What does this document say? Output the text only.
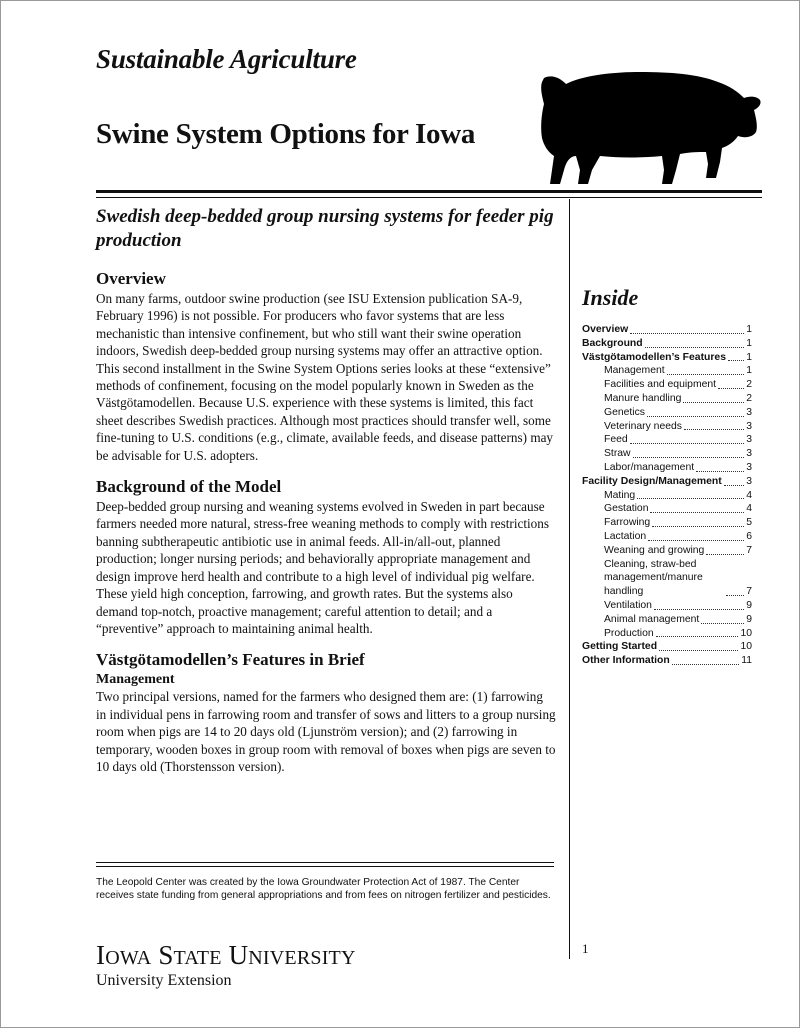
Sustainable Agriculture
Swine System Options for Iowa
Swedish deep-bedded group nursing systems for feeder pig production
Overview

On many farms, outdoor swine production (see ISU Extension publication SA-9, February 1996) is not possible. For producers who favor systems that are less mechanistic than intensive confinement, but who still want their swine operation indoors, Swedish deep-bedded group nursing systems may offer an attractive option. This second installment in the Swine System Options series looks at these “extensive” methods of confinement, focusing on the model popularly known in Sweden as the Västgötamodellen. Because U.S. experience with these systems is limited, this fact sheet describes Swedish practices. Although most practices should transfer well, some fine-tuning to U.S. conditions (e.g., climate, available feeds, and disease patterns) may be advisable for U.S. adopters.

Background of the Model

Deep-bedded group nursing and weaning systems evolved in Sweden in part because farmers needed more natural, stress-free weaning methods to comply with restrictions banning subtherapeutic antibiotic use in animal feeds. All-in/all-out, planned production; longer nursing periods; and behaviorally appropriate management and design improve herd health and contribute to a high level of individual pig welfare. These yield high conception, farrowing, and growth rates. But the systems also demand top-notch, proactive management; careful attention to detail; and a “preventive” approach to maintaining animal health.

Västgötamodellen’s Features in Brief
Management

Two principal versions, named for the farmers who designed them are: (1) farrowing in individual pens in farrowing room and transfer of sows and litters to a group nursing room when pigs are 14 to 20 days old (Ljunström version); and (2) farrowing in temporary, wooden boxes in group room with removal of boxes when pigs are seven to 10 days old (Thorstensson version).

Inside
Overview	1
Background	1
Västgötamodellen’s Features 1
Management	1
Facilities and equipment	2
Manure handling	2
Genetics	3
Veterinary needs	3
Feed	3
Straw	3
Labor/management	3
Facility Design/Management 3
Mating	4
Gestation	4
Farrowing	5
Lactation	6
Weaning and growing	7
Cleaning, straw-bed management/manure handling	7
Ventilation	9
Animal management	9
Production	10
Getting Started	10
Other Information	11
The Leopold Center was created by the Iowa Groundwater Protection Act of 1987. The Center receives state funding from general appropriations and from fees on nitrogen fertilizer and pesticides.
IOWA STATE UNIVERSITY
University Extension
1
